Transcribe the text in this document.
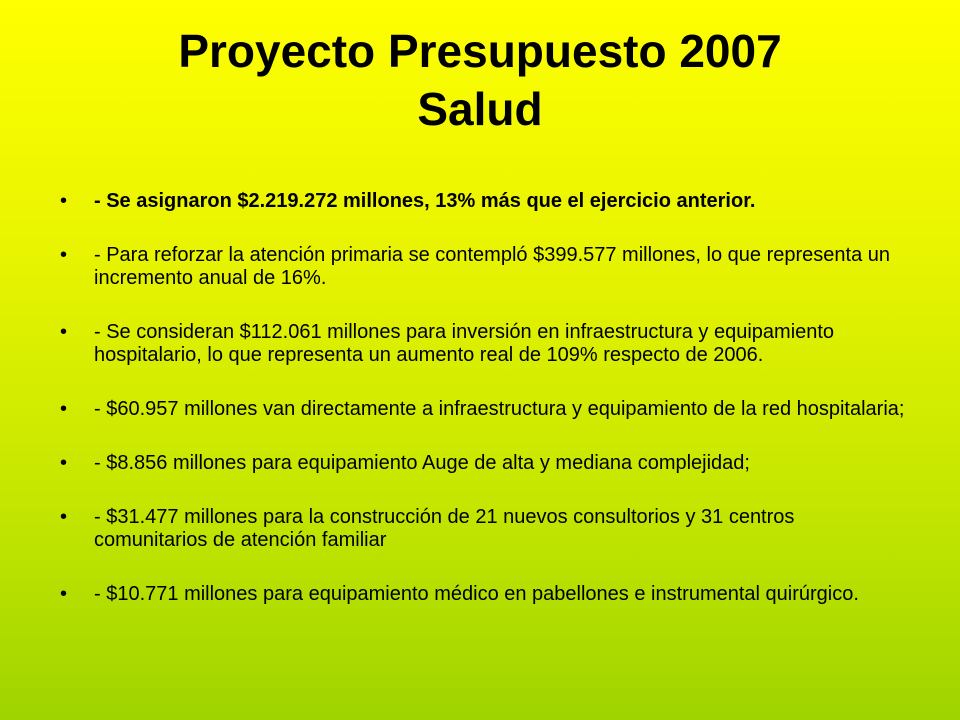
Proyecto Presupuesto 2007
Salud
•	- Se asignaron $2.219.272 millones, 13% más que el ejercicio anterior.
•	- Para reforzar la atención primaria se contempló $399.577 millones, lo que representa un incremento anual de 16%.
•	- Se consideran $112.061 millones para inversión en infraestructura y equipamiento hospitalario, lo que representa un aumento real de 109% respecto de 2006.
•	- $60.957 millones van directamente a infraestructura y equipamiento de la red hospitalaria;
•	- $8.856 millones para equipamiento Auge de alta y mediana complejidad;
•	- $31.477 millones para la construcción de 21 nuevos consultorios y 31 centros comunitarios de atención familiar
•	- $10.771 millones para equipamiento médico en pabellones e instrumental quirúrgico.
